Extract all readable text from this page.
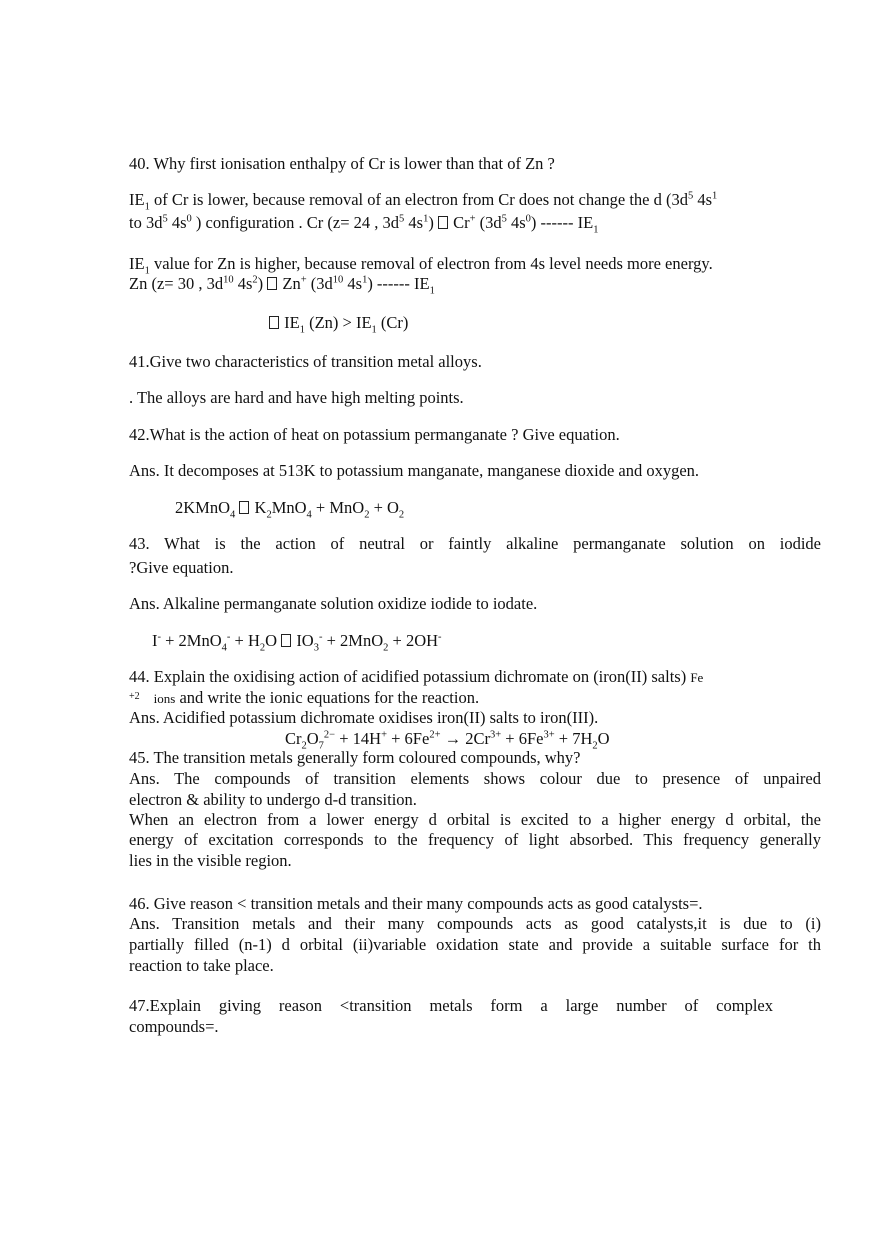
40. Why first ionisation enthalpy of Cr is lower than that of Zn ?
$IE_1$ of Cr is lower, because removal of an electron from Cr does not change the d ($3d^5$ $4s^1$
to $3d^5$ $4s^0$ ) configuration . Cr (z= 24 , $3d^5$ $4s^1$)  Cr+ ($3d^5$ $4s^0$) ------ $IE_1$
$IE_1$ value for Zn is higher, because removal of electron from 4s level needs more energy.
Zn (z= 30 , $3d^{10}$ $4s^2$)  Zn+ ($3d^{10}$ $4s^1$) ------ $IE_1$
$IE_1$ $(Zn) > IE_1$ (Cr)
41.Give two characteristics of transition metal alloys.
. The alloys are hard and have high melting points.
42.What is the action of heat on potassium permanganate ? Give equation.
Ans. It decomposes at 513K to potassium manganate, manganese dioxide and oxygen.
2KMnO$_4$  $K_2MnO_4 + MnO_2 + O_2$
43. What is the action of neutral or faintly alkaline permanganate solution on iodide
?Give equation.
Ans. Alkaline permanganate solution oxidize iodide to iodate.
$I^- + 2MnO_4^- + H_2O$  $IO_3^- + 2MnO_2 + 2OH^-$
44. Explain the oxidising action of acidified potassium dichromate on (iron(II) salts) Fe
$^{+2}$ ions and write the ionic equations for the reaction.
Ans. Acidified potassium dichromate oxidises iron(II) salts to iron(III).
$Cr_2O_7^{2-} + 14H^+ + 6Fe^{2+} \to 2Cr^{3+} + 6Fe^{3+} + 7H_2O$
45. The transition metals generally form coloured compounds, why?
Ans. The compounds of transition elements shows colour due to presence of unpaired
electron & ability to undergo d-d transition.
When an electron from a lower energy d orbital is excited to a higher energy d orbital, the
energy of excitation corresponds to the frequency of light absorbed. This frequency generally
lies in the visible region.
46. Give reason < transition metals and their many compounds acts as good catalysts=.
Ans. Transition metals and their many compounds acts as good catalysts,it is due to (i)
partially filled (n-1) d orbital (ii)variable oxidation state and provide a suitable surface for th
reaction to take place.
47.Explain giving reason <transition metals form a large number of complex
compounds=.
